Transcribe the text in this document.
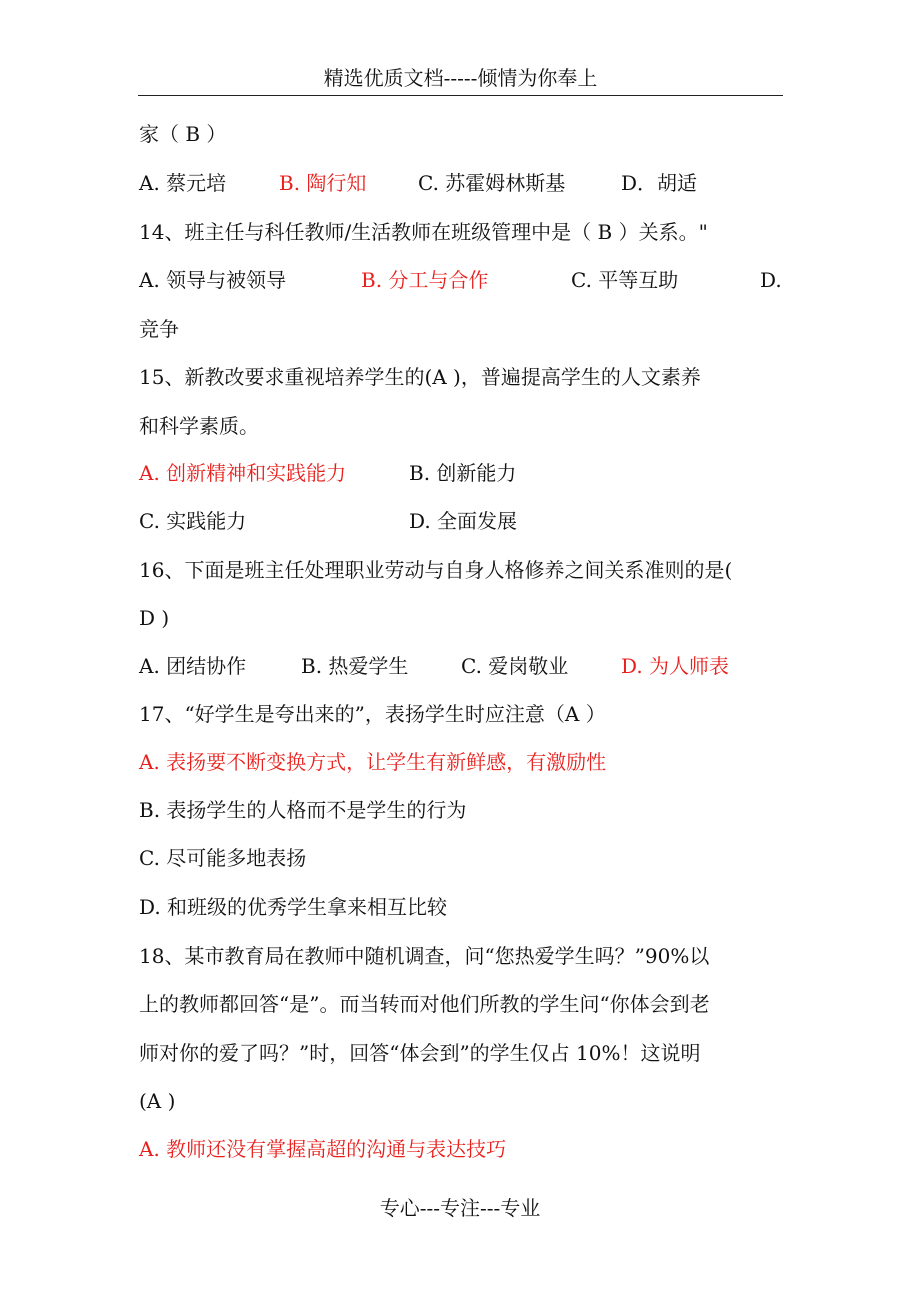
精选优质文档-----倾情为你奉上
家（ B ）
A. 蔡元培	B. 陶行知	C. 苏霍姆林斯基	D．胡适
14、班主任与科任教师/生活教师在班级管理中是（ B ）关系。"
A. 领导与被领导	B. 分工与合作	C. 平等互助	D.
竞争
15、新教改要求重视培养学生的(A )，普遍提高学生的人文素养
和科学素质。
A. 创新精神和实践能力	B. 创新能力
C. 实践能力	D. 全面发展
16、下面是班主任处理职业劳动与自身人格修养之间关系准则的是(
D )
A. 团结协作	B. 热爱学生	C. 爱岗敬业	D. 为人师表
17、“好学生是夸出来的”，表扬学生时应注意（A ）
A. 表扬要不断变换方式，让学生有新鲜感，有激励性
B. 表扬学生的人格而不是学生的行为
C. 尽可能多地表扬
D. 和班级的优秀学生拿来相互比较
18、某市教育局在教师中随机调查，问“您热爱学生吗？”90%以
上的教师都回答“是”。而当转而对他们所教的学生问“你体会到老
师对你的爱了吗？”时，回答“体会到”的学生仅占 10%！这说明
(A )
A. 教师还没有掌握高超的沟通与表达技巧
专心---专注---专业
